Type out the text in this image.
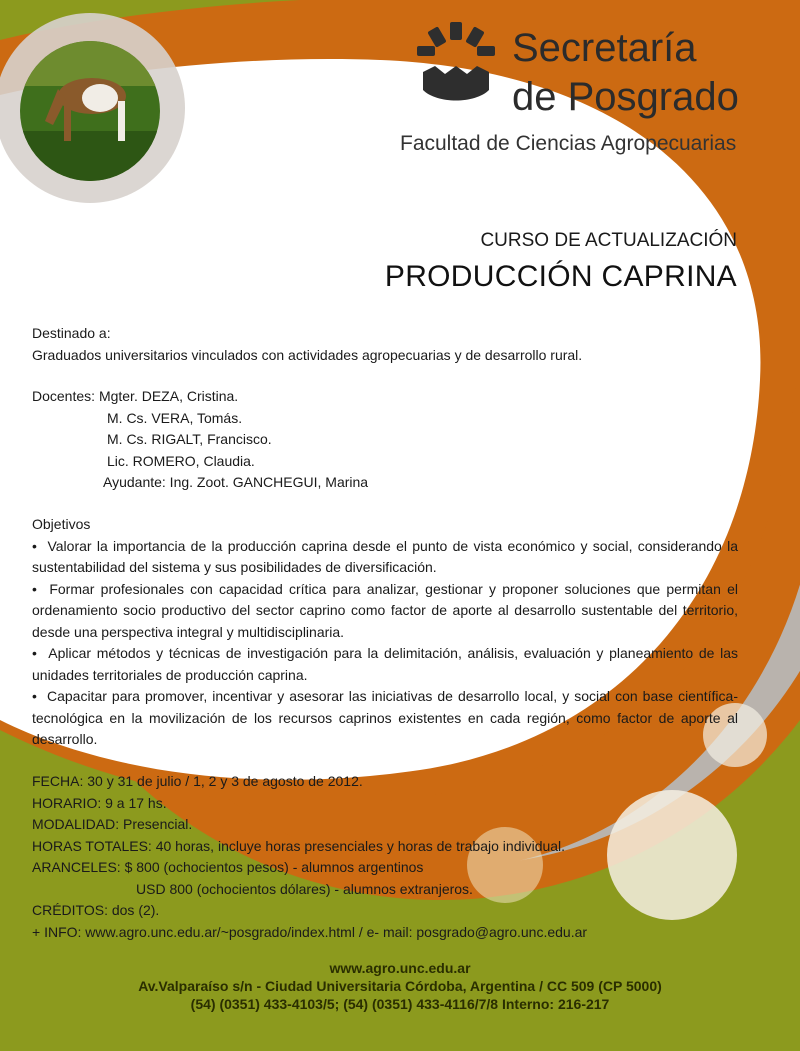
Secretaría
de Posgrado
Facultad de Ciencias Agropecuarias
CURSO DE ACTUALIZACIÓN
PRODUCCIÓN CAPRINA
Destinado a:
Graduados universitarios vinculados con actividades agropecuarias y de desarrollo rural.
Docentes: Mgter. DEZA, Cristina.
M. Cs. VERA, Tomás.
M. Cs. RIGALT, Francisco.
Lic. ROMERO, Claudia.
Ayudante: Ing. Zoot. GANCHEGUI, Marina
Objetivos
•  Valorar la importancia de la producción caprina desde el punto de vista económico y social, considerando la sustentabilidad del sistema y sus posibilidades de diversificación.
•  Formar profesionales con capacidad crítica para analizar, gestionar y proponer soluciones que permitan el ordenamiento socio productivo del sector caprino como factor de aporte al desarrollo sustentable del territorio, desde una perspectiva integral y multidisciplinaria.
•  Aplicar métodos y técnicas de investigación para la delimitación, análisis, evaluación y planeamiento de las unidades territoriales de producción caprina.
•  Capacitar para promover, incentivar y asesorar las iniciativas de desarrollo local, y social con base científica-tecnológica en la movilización de los recursos caprinos existentes en cada región, como factor de aporte al desarrollo.
FECHA: 30 y 31 de julio / 1, 2 y 3 de agosto de 2012.
HORARIO: 9 a 17 hs.
MODALIDAD: Presencial.
HORAS TOTALES: 40 horas, incluye horas presenciales y horas de trabajo individual.
ARANCELES: $ 800 (ochocientos pesos) - alumnos argentinos
USD 800 (ochocientos dólares) - alumnos extranjeros.
CRÉDITOS: dos (2).
+ INFO: www.agro.unc.edu.ar/~posgrado/index.html / e- mail: posgrado@agro.unc.edu.ar
www.agro.unc.edu.ar
Av.Valparaíso s/n - Ciudad Universitaria Córdoba, Argentina / CC 509 (CP 5000)
(54) (0351) 433-4103/5; (54) (0351) 433-4116/7/8 Interno: 216-217
